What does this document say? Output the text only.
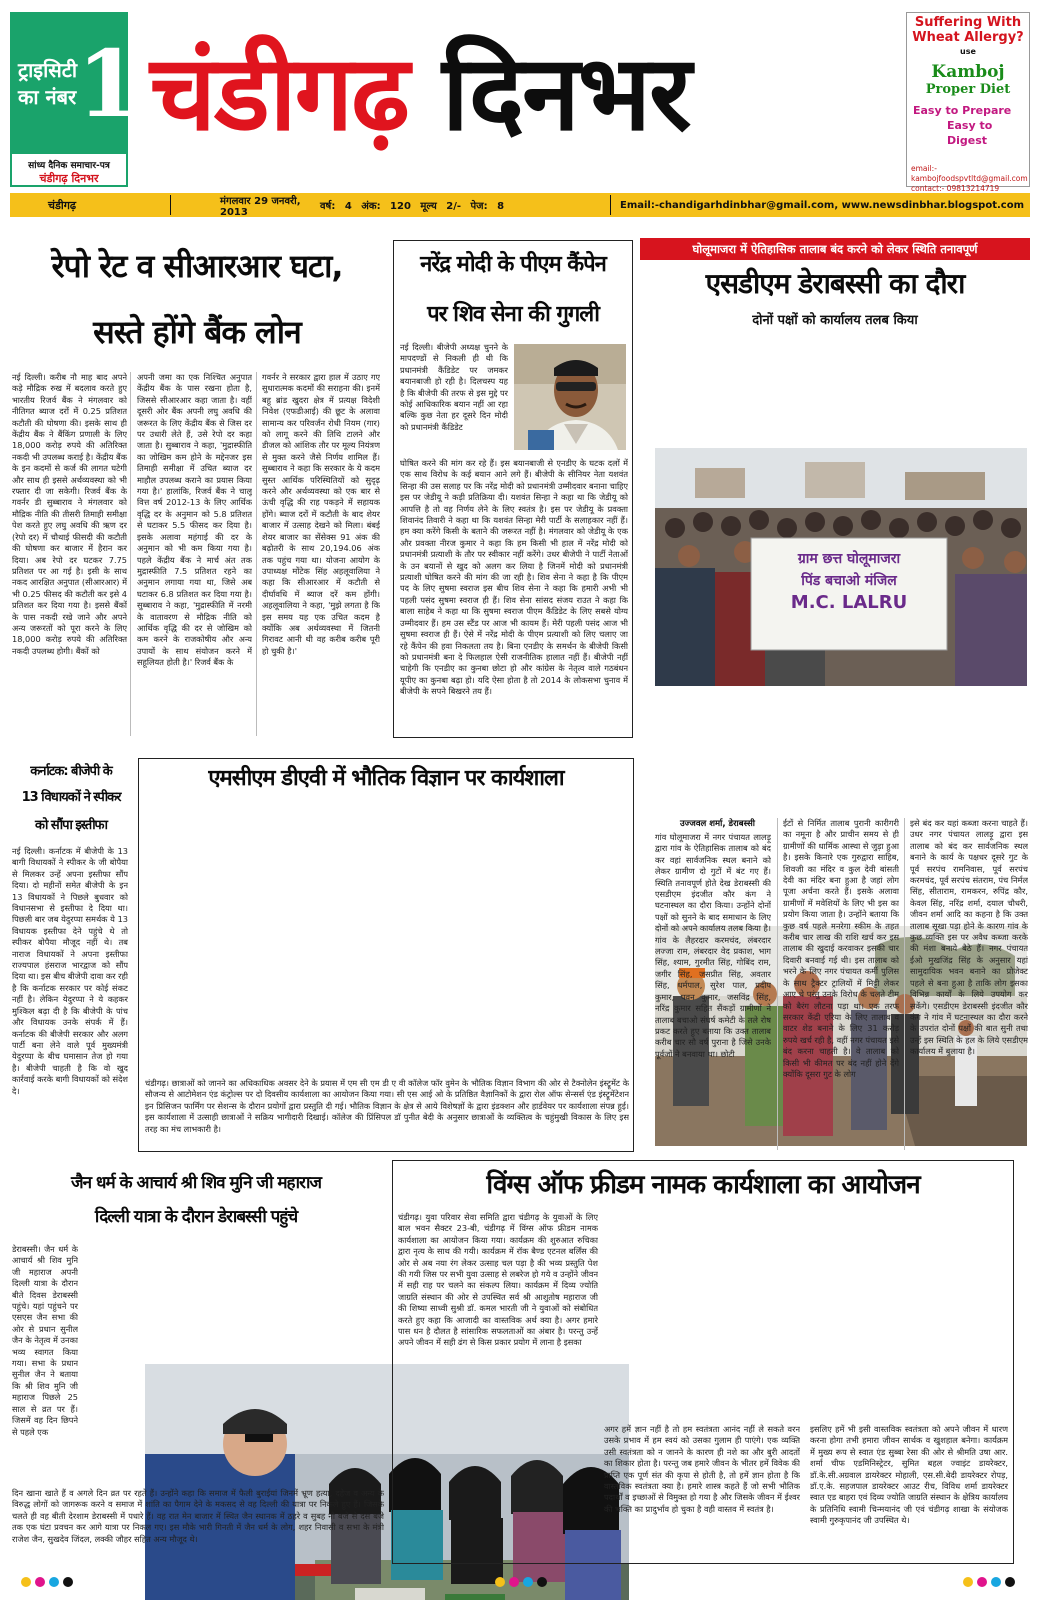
ट्राइसिटी का नंबर 1
सांध्य दैनिक समाचार-पत्र
चंडीगढ़ दिनभर
चंडीगढ़ दिनभर
Suffering With Wheat Allergy?
use
Kamboj
Proper Diet
Easy to Prepare
Easy to Digest
email:-kambojfoodspvtltd@gmail.com
contact:- 09813214719
चंडीगढ़	मंगलवार 29 जनवरी, 2013	वर्ष: 4 अंक: 120 मूल्य 2/- पेज: 8	Email:-chandigarhdinbhar@gmail.com, www.newsdinbhar.blogspot.com
रेपो रेट व सीआरआर घटा,
सस्ते होंगे बैंक लोन
नई दिल्ली। करीब नौ माह बाद अपने कड़े मौद्रिक रुख में बदलाव करते हुए भारतीय रिजर्व बैंक ने मंगलवार को नीतिगत ब्याज दरों में 0.25 प्रतिशत कटौती की घोषणा की। इसके साथ ही केंद्रीय बैंक ने बैंकिंग प्रणाली के लिए 18,000 करोड़ रुपये की अतिरिक्त नकदी भी उपलब्ध कराई है। केंद्रीय बैंक के इन कदमों से कर्ज की लागत घटेगी और साथ ही इससे अर्थव्यवस्था को भी रफ्तार दी जा सकेगी। रिजर्व बैंक के गवर्नर डी सुब्बाराव ने मंगलवार को मौद्रिक नीति की तीसरी तिमाही समीक्षा पेश करते हुए लघु अवधि की ऋण दर (रेपो दर) में चौथाई फीसदी की कटौती की घोषणा कर बाजार में हैरान कर दिया। अब रेपो दर घटकर 7.75 प्रतिशत पर आ गई है। इसी के साथ नकद आरक्षित अनुपात (सीआरआर) में भी 0.25 फीसद की कटौती कर इसे 4 प्रतिशत कर दिया गया है। इससे बैंकों के पास नकदी रखे जाने और अपने अन्य जरूरतों को पूरा करने के लिए 18,000 करोड़ रुपये की अतिरिक्त नकदी उपलब्ध होगी। बैंकों को
अपनी जमा का एक निश्चित अनुपात केंद्रीय बैंक के पास रखना होता है, जिससे सीआरआर कहा जाता है। वहीं दूसरी ओर बैंक अपनी लघु अवधि की जरूरत के लिए केंद्रीय बैंक से जिस दर पर उधारी लेते हैं, उसे रेपो दर कहा जाता है। सुब्बाराव ने कहा, 'मुद्रास्फीति का जोखिम कम होने के मद्देनजर इस तिमाही समीक्षा में उचित ब्याज दर माहौल उपलब्ध कराने का प्रयास किया गया है।' हालांकि, रिजर्व बैंक ने चालू वित्त वर्ष 2012-13 के लिए आर्थिक वृद्धि दर के अनुमान को 5.8 प्रतिशत से घटाकर 5.5 फीसद कर दिया है। इसके अलावा महंगाई की दर के अनुमान को भी कम किया गया है। पहले केंद्रीय बैंक ने मार्च अंत तक मुद्रास्फीति 7.5 प्रतिशत रहने का अनुमान लगाया गया था, जिसे अब घटाकर 6.8 प्रतिशत कर दिया गया है। सुब्बाराव ने कहा, 'मुद्रास्फीति में नरमी के वातावरण से मौद्रिक नीति को आर्थिक वृद्धि की दर से जोखिम को कम करने के राजकोषीय और अन्य उपायों के साथ संयोजन करने में सहूलियत होती है।' रिजर्व बैंक के
गवर्नर ने सरकार द्वारा हाल में उठाए गए सुधारात्मक कदमों की सराहना की। इनमें बहु ब्रांड खुदरा क्षेत्र में प्रत्यक्ष विदेशी निवेश (एफडीआई) की छूट के अलावा सामान्य कर परिवर्जन रोधी नियम (गार) को लागू करने की तिथि टालने और डीजल को आंशिक तौर पर मूल्य नियंत्रण से मुक्त करने जैसे निर्णय शामिल हैं। सुब्बाराव ने कहा कि सरकार के ये कदम सुस्त आर्थिक परिस्थितियों को सुदृढ़ करने और अर्थव्यवस्था को एक बार से ऊंची वृद्धि की राह पकड़ने में सहायक होंगे। ब्याज दरों में कटौती के बाद शेयर बाजार में उत्साह देखने को मिला। बंबई शेयर बाजार का सेंसेक्स 91 अंक की बढ़ोतरी के साथ 20,194.06 अंक तक पहुंच गया था। योजना आयोग के उपाध्यक्ष मोंटेक सिंह अहलूवालिया ने कहा कि सीआरआर में कटौती से दीर्घावधि में ब्याज दरें कम होंगी। अहलूवालिया ने कहा, 'मुझे लगता है कि इस समय यह एक उचित कदम है क्योंकि अब अर्थव्यवस्था में जितनी गिरावट आनी थी वह करीब करीब पूरी हो चुकी है।'
नरेंद्र मोदी के पीएम कैंपेन
पर शिव सेना की गुगली
नई दिल्ली। बीजेपी अध्यक्ष चुनने के मापदण्डों से निकली ही थी कि प्रधानमंत्री कैंडिडेट पर जमकर बयानबाजी हो रही है। दिलचस्प यह है कि बीजेपी की तरफ से इस मुद्दे पर कोई आधिकारिक बयान नहीं आ रहा बल्कि कुछ नेता हर दूसरे दिन मोदी को प्रधानमंत्री कैंडिडेट
घोषित करने की मांग कर रहे हैं। इस बयानबाजी से एनडीए के घटक दलों में एक साथ विरोध के कई बयान आने लगे हैं। बीजेपी के सीनियर नेता यशवंत सिन्हा की उस सलाह पर कि नरेंद्र मोदी को प्रधानमंत्री उम्मीदवार बनाना चाहिए इस पर जेडीयू ने कड़ी प्रतिक्रिया दी। यशवंत सिन्हा ने कहा था कि जेडीयू को आपत्ति है तो वह निर्णय लेने के लिए स्वतंत्र है। इस पर जेडीयू के प्रवक्ता शिवानंद तिवारी ने कहा था कि यशवंत सिन्हा मेरी पार्टी के सलाहकार नहीं हैं। हम क्या करेंगे किसी के बताने की जरूरत नहीं है। मंगलवार को जेडीयू के एक और प्रवक्ता नीरज कुमार ने कहा कि हम किसी भी हाल में नरेंद्र मोदी को प्रधानमंत्री प्रत्याशी के तौर पर स्वीकार नहीं करेंगे। उधर बीजेपी ने पार्टी नेताओं के उन बयानों से खुद को अलग कर लिया है जिनमें मोदी को प्रधानमंत्री प्रत्याशी घोषित करने की मांग की जा रही है। शिव सेना ने कहा है कि पीएम पद के लिए सुषमा स्वराज इस बीच शिव सेना ने कहा कि हमारी अभी भी पहली पसंद सुषमा स्वराज ही हैं। शिव सेना सांसद संजय राउत ने कहा कि बाला साहेब ने कहा था कि सुषमा स्वराज पीएम कैंडिडेट के लिए सबसे योग्य उम्मीदवार हैं। हम उस स्टैंड पर आज भी कायम हैं। मेरी पहली पसंद आज भी सुषमा स्वराज ही हैं। ऐसे में नरेंद्र मोदी के पीएम प्रत्याशी को लिए चलाए जा रहे कैंपेन की हवा निकलता तय है। बिना एनडीए के समर्थन के बीजेपी किसी को प्रधानमंत्री बना दे फिलहाल ऐसी राजनीतिक हालात नहीं हैं। बीजेपी नहीं चाहेगी कि एनडीए का कुनबा छोटा हो और कांग्रेस के नेतृत्व वाले गठबंधन यूपीए का कुनबा बढ़ा हो। यदि ऐसा होता है तो 2014 के लोकसभा चुनाव में बीजेपी के सपने बिखरने तय हैं।
घोलूमाजरा में ऐतिहासिक तालाब बंद करने को लेकर स्थिति तनावपूर्ण
एसडीएम डेराबस्सी का दौरा
दोनों पक्षों को कार्यालय तलब किया
ग्राम छत्त घोलूमाजरा
पिंड बचाओ मंजिल
M.C. LALRU
उज्जवल शर्मा, डेराबस्सी
गांव घोलूमाजरा में नगर पंचायत लालड़ू द्वारा गांव के ऐतिहासिक तालाब को बंद कर वहां सार्वजनिक स्थल बनाने को लेकर ग्रामीण दो गुटों में बंट गए हैं। स्थिति तनावपूर्ण होते देख डेराबस्सी की एसडीएम इंदजीत कौर कंग ने घटनास्थल का दौरा किया। उन्होंने दोनों पक्षों को सुनने के बाद समाधान के लिए दोनों को अपने कार्यालय तलब किया है। गांव के लैहरदार करमचंद, लंबरदार लज्जा राम, लंबरदार वेद प्रकाश, भाग सिंह, श्याम, गुरमीत सिंह, गोबिंद राम, जगीर सिंह, जसप्रीत सिंह, अवतार सिंह, धर्मपाल, सुरेश पाल, प्रदीप कुमार, पवन कुमार, जसविंद्र सिंह, नरिंद्र कुमार सहित सैंकड़ों ग्रामीणों ने तालाब बचाओ संघर्ष कमेटी के तले रोष प्रकट करते हुए बताया कि उक्त तालाब करीब चार सौ वर्ष पुराना है जिसे उनके पूर्वजों ने बनवाया था। छोटी
ईटों से निर्मित तालाब पुरानी कारीगरी का नमूना है और प्राचीन समय से ही ग्रामीणों की धार्मिक आस्था से जुड़ा हुआ है। इसके किनारे एक गुरुद्वारा साहिब, शिवजी का मंदिर व कुल देवी बांसती देवी का मंदिर बना हुआ है जहां लोग पूजा अर्चना करते हैं। इसके अलावा ग्रामीणों में मवेशियों के लिए भी इस का प्रयोग किया जाता है। उन्होंने बताया कि कुछ वर्ष पहले मनरेगा स्कीम के तहत करीब चार लाख की राशि खर्च कर इस तालाब की खुदाई करवाकर इसकी चार दिवारी बनवाई गई थी। इस तालाब को भरने के लिए नगर पंचायत कर्मी पुलिस के साथ ट्रैक्टर ट्रालियों में मिट्टी लेकर आए थे परंतु उनके विरोध के चलते टीम को बैरंग लौटना पड़ा था। एक तरफ सरकार केंद्री एरिया के लिए तालाब व वाटर शेड बनाने के लिए 31 करोड़ रुपये खर्च रही है, वहीं नगर पंचायत इसे बंद करना चाहती है। वे तालाब को किसी भी कीमत पर बंद नहीं होने देंगे क्योंकि दूसरा गुट के लोग
इसे बंद कर यहां कब्जा करना चाहते हैं। उधर नगर पंचायत लालड़ू द्वारा इस तालाब को बंद कर सार्वजनिक स्थल बनाने के कार्य के पक्षधर दूसरे गुट के पूर्व सरपंच रामनिवास, पूर्व सरपंच करमचंद, पूर्व सरपंच संतराम, पंच निर्मल सिंह, सीताराम, रामकरन, रुपिंद्र कौर, केवल सिंह, नरिंद्र शर्मा, दयाल चौधरी, जीवन शर्मा आदि का कहना है कि उक्त तालाब सूखा पड़ा होने के कारण गांव के कुछ व्यक्ति इस पर अवैध कब्जा करके की मंशा बनाये बैठे हैं। नगर पंचायत ईओ मुखजिंद्र सिंह के अनुसार यहां सामुदायिक भवन बनाने का प्रोजेक्ट पहले से बना हुआ है ताकि लोग इसका विभिन्न कार्यों के लिये उपयोग कर सकेंगे। एसडीएम डेराबस्सी इंदजीत कौर कंग ने गांव में घटनास्थल का दौरा करने के उपरांत दोनों पक्षों की बात सुनी तथा उन्हें इस स्थिति के हल के लिये एसडीएम कार्यालय में बुलाया है।
कर्नाटक: बीजेपी के
13 विधायकों ने स्पीकर
को सौंपा इस्तीफा
नई दिल्ली। कर्नाटक में बीजेपी के 13 बागी विधायकों ने स्पीकर के जी बोपैया से मिलकर उन्हें अपना इस्तीफा सौंप दिया। दो महीनों समेत बीजेपी के इन 13 विधायकों ने पिछले बुधवार को विधानसभा से इस्तीफा दे दिया था। पिछली बार जब येदुरप्पा समर्थक ये 13 विधायक इस्तीफा देने पहुंचे थे तो स्पीकर बोपैया मौजूद नहीं थे। तब नाराज विधायकों ने अपना इस्तीफा राज्यपाल हंसराज भारद्वाज को सौंप दिया था। इस बीच बीजेपी दावा कर रही है कि कर्नाटक सरकार पर कोई संकट नहीं है। लेकिन येदुरप्पा ने ये कहकर मुश्किल बढ़ा दी है कि बीजेपी के पांच और विधायक उनके संपर्क में हैं। कर्नाटक की बीजेपी सरकार और अलग पार्टी बना लेने वाले पूर्व मुख्यमंत्री येदुरप्पा के बीच घमासान तेज हो गया है। बीजेपी चाहती है कि वो खुद कार्रवाई करके बागी विधायकों को संदेश दे।
एमसीएम डीएवी में भौतिक विज्ञान पर कार्यशाला
चंडीगढ़। छात्राओं को जानने का अधिकाधिक अवसर देने के प्रयास में एम सी एम डी ए वी कॉलेज फॉर वुमेन के भौतिक विज्ञान विभाग की ओर से टैक्नोलेन इंस्ट्रूमेंट के सौजन्य से आटोमेशन एंड कंट्रोल्स पर दो दिवसीय कार्यशाला का आयोजन किया गया। सी एस आई ओ के प्रतिष्ठित वैज्ञानिकों के द्वारा रोल ऑफ सेन्सर्स एंड इंस्ट्रूमेंटेशन इन प्रिसिजन फार्मिंग पर सेशन्स के दौरान प्रयोगों द्वारा प्रस्तुति दी गई। भौतिक विज्ञान के क्षेत्र से आये विशेषज्ञों के द्वारा इंडक्शन और हार्डवेयर पर कार्यशाला संपन्न हुई। इस कार्यशाला में उत्साही छात्राओं ने सक्रिय भागीदारी दिखाई। कॉलेज की प्रिंसिपल डॉ पुनीत बेदी के अनुसार छात्राओं के व्यक्तित्व के चहुंमुखी विकास के लिए इस तरह का मंच लाभकारी है।
जैन धर्म के आचार्य श्री शिव मुनि जी महाराज
दिल्ली यात्रा के दौरान डेराबस्सी पहुंचे
डेराबस्सी। जैन धर्म के आचार्य श्री शिव मुनि जी महाराज अपनी दिल्ली यात्रा के दौरान बीते दिवस डेराबस्सी पहुंचे। यहां पहुंचने पर एसएस जैन सभा की ओर से प्रधान सुनील जैन के नेतृत्व में उनका भव्य स्वागत किया गया। सभा के प्रधान सुनील जैन ने बताया कि श्री शिव मुनि जी महाराज पिछले 25 साल से व्रत पर हैं। जिसमें वह दिन छिपने से पहले एक
दिन खाना खाते हैं व अगले दिन व्रत पर रहते हैं। उन्होंने कहा कि समाज में फैली बुराईयां जिनमें भ्रूण हत्या, दहेज व अन्य के विरुद्ध लोगों को जागरूक करने व समाज में शांति का पैगाम देने के मकसद से वह दिल्ली की यात्रा पर निकले हुए हैं। जिसके चलते ही वह बीती देरशाम डेराबस्सी में पधारे हैं। वह रात मेन बाजार में स्थित जैन स्थानक में ठहरे व सुबह नौ बजे से दस बजे तक एक घंटा प्रवचन कर आगे यात्रा पर निकल गए। इस मौके भारी गिनती में जैन धर्म के लोग, शहर निवासी व सभा के मंत्री राजेश जैन, सुखदेव जिंदल, लक्की जौहर सहित अन्य मौजूद थे।
विंग्स ऑफ फ्रीडम नामक कार्यशाला का आयोजन
चंडीगढ़। युवा परिवार सेवा समिति द्वारा चंडीगढ़ के युवाओं के लिए बाल भवन सैक्टर 23-बी, चंडीगढ़ में विंग्स ऑफ फ्रीडम नामक कार्यशाला का आयोजन किया गया। कार्यक्रम की शुरुआत रुचिका द्वारा नृत्य के साथ की गयी। कार्यक्रम में रॉक बैण्ड एटनल बर्लिंस की ओर से अब नया रंग लेकर उत्साह चल पड़ा है की भव्य प्रस्तुति पेश की गयी जिस पर सभी युवा उत्साह से लबरेज हो गये व उन्होंने जीवन में सही राह पर चलने का संकल्प लिया। कार्यक्रम में दिव्य ज्योति जाग्रति संस्थान की ओर से उपस्थित सर्व श्री आशुतोष महाराज जी की शिष्या साध्वी सुश्री डॉ. कमल भारती जी ने युवाओं को संबोधित करते हुए कहा कि आजादी का वास्तविक अर्थ क्या है। अगर हमारे पास धन है दौलत है सांसारिक सफलताओं का अंबार है। परन्तु उन्हें अपने जीवन में सही ढंग से किस प्रकार प्रयोग में लाना है इसका
अगर हमें ज्ञान नहीं है तो हम स्वतंत्रता आनंद नहीं ले सकते वरन उसके प्रभाव में हम स्वयं को उसका गुलाम ही पाएंगे। एक व्यक्ति उसी स्वतंत्रता को न जानने के कारण ही नशे का और बुरी आदतों का शिकार होता है। परन्तु जब हमारे जीवन के भीतर हमें विवेक की प्राप्ति एक पूर्ण संत की कृपा से होती है, तो हमें ज्ञान होता है कि वास्तविक स्वतंत्रता क्या है। हमारे शास्त्र कहते हैं जो सभी भौतिक पदार्थों व इच्छाओं से विमुक्त हो गया है और जिसके जीवन में ईश्वर की भक्ति का प्रादुर्भाव हो चुका है वही वास्तव में स्वतंत्र है।
इसलिए हमें भी इसी वास्तविक स्वतंत्रता को अपने जीवन में धारण करना होगा तभी हमारा जीवन सार्थक व खुशहाल बनेगा। कार्यक्रम में मुख्य रूप से स्वात एंड सुब्बा रेसा की ओर से श्रीमति उषा आर. शर्मा चीफ एडमिनिस्ट्रेटर, सुमित बहल ज्वाइंट डायरेक्टर, डॉ.के.सी.अग्रवाल डायरेक्टर मोहाली, एस.सी.बेदी डायरेक्टर रोपड़, डॉ.ए.के. सहजपाल डायरेक्टर आउट रीच, विविध शर्मा डायरेक्टर स्वात एड बाहरा एवं दिव्य ज्योति जाग्रति संस्थान के क्षेत्रिय कार्यालय के प्रतिनिधि स्वामी चिन्मयानंद जी एवं चंडीगढ़ शाखा के संयोजक स्वामी गुरुकृपानंद जी उपस्थित थे।
